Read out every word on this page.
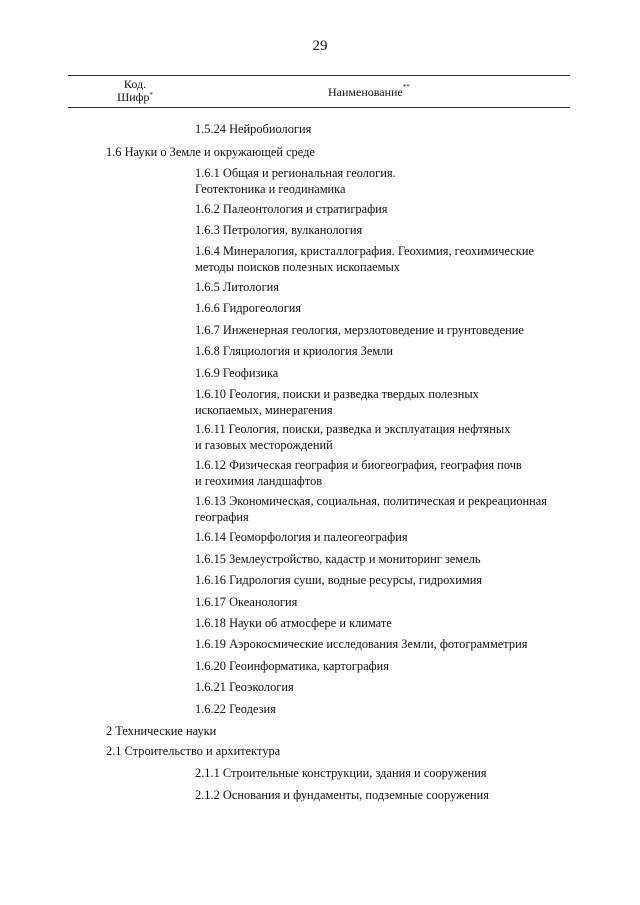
29
Код.
Шифр*	Наименование**
1.5.24 Нейробиология
1.6 Науки о Земле и окружающей среде
1.6.1 Общая и региональная геология.
Геотектоника и геодинамика
1.6.2 Палеонтология и стратиграфия
1.6.3 Петрология, вулканология
1.6.4 Минералогия, кристаллография. Геохимия, геохимические
методы поисков полезных ископаемых
1.6.5 Литология
1.6.6 Гидрогеология
1.6.7 Инженерная геология, мерзлотоведение и грунтоведение
1.6.8 Гляциология и криология Земли
1.6.9 Геофизика
1.6.10 Геология, поиски и разведка твердых полезных
ископаемых, минерагения
1.6.11 Геология, поиски, разведка и эксплуатация нефтяных
и газовых месторождений
1.6.12 Физическая география и биогеография, география почв
и геохимия ландшафтов
1.6.13 Экономическая, социальная, политическая и рекреационная
география
1.6.14 Геоморфология и палеогеография
1.6.15 Землеустройство, кадастр и мониторинг земель
1.6.16 Гидрология суши, водные ресурсы, гидрохимия
1.6.17 Океанология
1.6.18 Науки об атмосфере и климате
1.6.19 Аэрокосмические исследования Земли, фотограмметрия
1.6.20 Геоинформатика, картография
1.6.21 Геоэкология
1.6.22 Геодезия
2 Технические науки
2.1 Строительство и архитектура
2.1.1 Строительные конструкции, здания и сооружения
2.1.2 Основания и фундаменты, подземные сооружения
